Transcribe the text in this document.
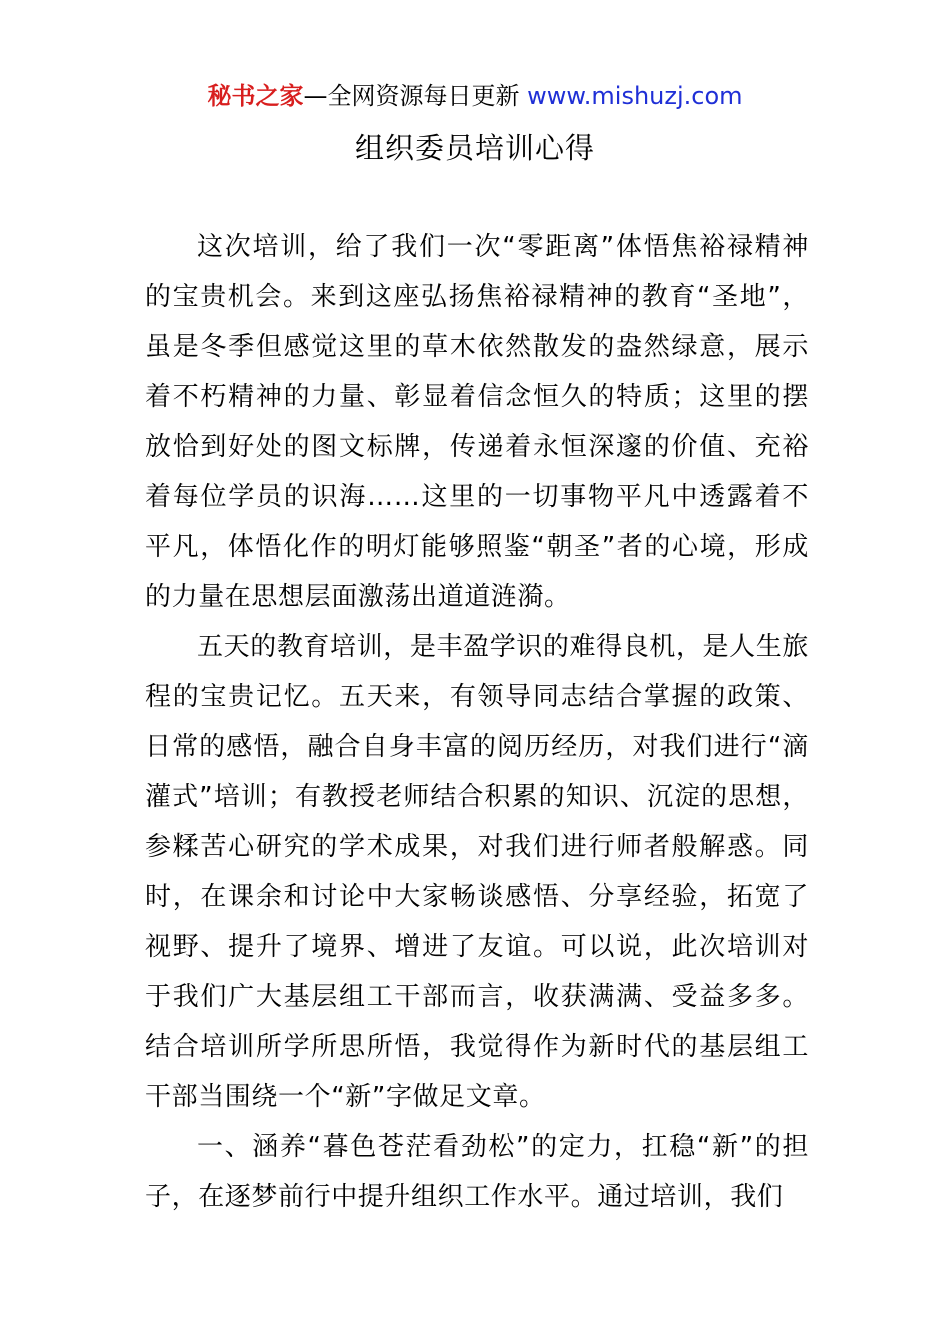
秘书之家—全网资源每日更新 www.mishuzj.com
组织委员培训心得

这次培训，给了我们一次“零距离”体悟焦裕禄精神的宝贵机会。来到这座弘扬焦裕禄精神的教育“圣地”，虽是冬季但感觉这里的草木依然散发的盎然绿意，展示着不朽精神的力量、彰显着信念恒久的特质；这里的摆放恰到好处的图文标牌，传递着永恒深邃的价值、充裕着每位学员的识海……这里的一切事物平凡中透露着不平凡，体悟化作的明灯能够照鉴“朝圣”者的心境，形成的力量在思想层面激荡出道道涟漪。

五天的教育培训，是丰盈学识的难得良机，是人生旅程的宝贵记忆。五天来，有领导同志结合掌握的政策、日常的感悟，融合自身丰富的阅历经历，对我们进行“滴灌式”培训；有教授老师结合积累的知识、沉淀的思想，参糅苦心研究的学术成果，对我们进行师者般解惑。同时，在课余和讨论中大家畅谈感悟、分享经验，拓宽了视野、提升了境界、增进了友谊。可以说，此次培训对于我们广大基层组工干部而言，收获满满、受益多多。结合培训所学所思所悟，我觉得作为新时代的基层组工干部当围绕一个“新”字做足文章。

一、涵养“暮色苍茫看劲松”的定力，扛稳“新”的担子，在逐梦前行中提升组织工作水平。通过培训，我们
